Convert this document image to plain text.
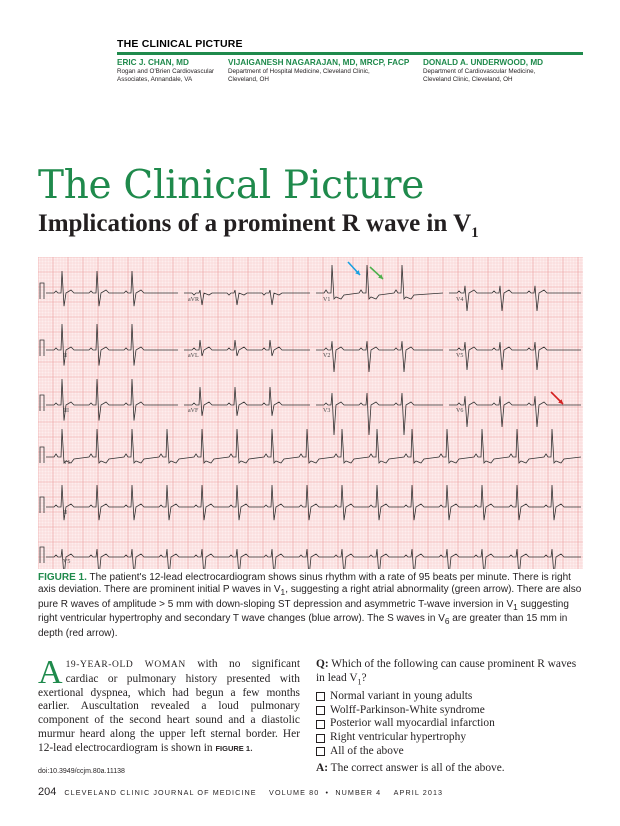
THE CLINICAL PICTURE
ERIC J. CHAN, MD
Rogan and O'Brien Cardiovascular
Associates, Annandale, VA
VIJAIGANESH NAGARAJAN, MD, MRCP, FACP
Department of Hospital Medicine, Cleveland Clinic,
Cleveland, OH
DONALD A. UNDERWOOD, MD
Department of Cardiovascular Medicine,
Cleveland Clinic, Cleveland, OH
The Clinical Picture
Implications of a prominent R wave in $V_1$
aVR	V1	V4
II	aVL	V2	V5
III	aVF	V3	V6
V1
II
V5
FIGURE 1. The patient's 12-lead electrocardiogram shows sinus rhythm with a rate of 95 beats per minute. There is right axis deviation. There are prominent initial P waves in $V_1$, suggesting a right atrial abnormality (green arrow). There are also pure R waves of amplitude > 5 mm with down-sloping ST depression and asymmetric T-wave inversion in $V_1$ suggesting right ventricular hypertrophy and secondary T wave changes (blue arrow). The S waves in $V_6$ are greater than 15 mm in depth (red arrow).
A 19-YEAR-OLD WOMAN with no significant cardiac or pulmonary history presented with exertional dyspnea, which had begun a few months earlier. Auscultation revealed a loud pulmonary component of the second heart sound and a diastolic murmur heard along the upper left sternal border. Her 12-lead electrocardiogram is shown in FIGURE 1.
doi:10.3949/ccjm.80a.11138
Q: Which of the following can cause prominent R waves in lead $V_1$?
Normal variant in young adults
Wolff-Parkinson-White syndrome
Posterior wall myocardial infarction
Right ventricular hypertrophy
All of the above
A: The correct answer is all of the above.
204 CLEVELAND CLINIC JOURNAL OF MEDICINE VOLUME 80  •  NUMBER 4 APRIL 2013
